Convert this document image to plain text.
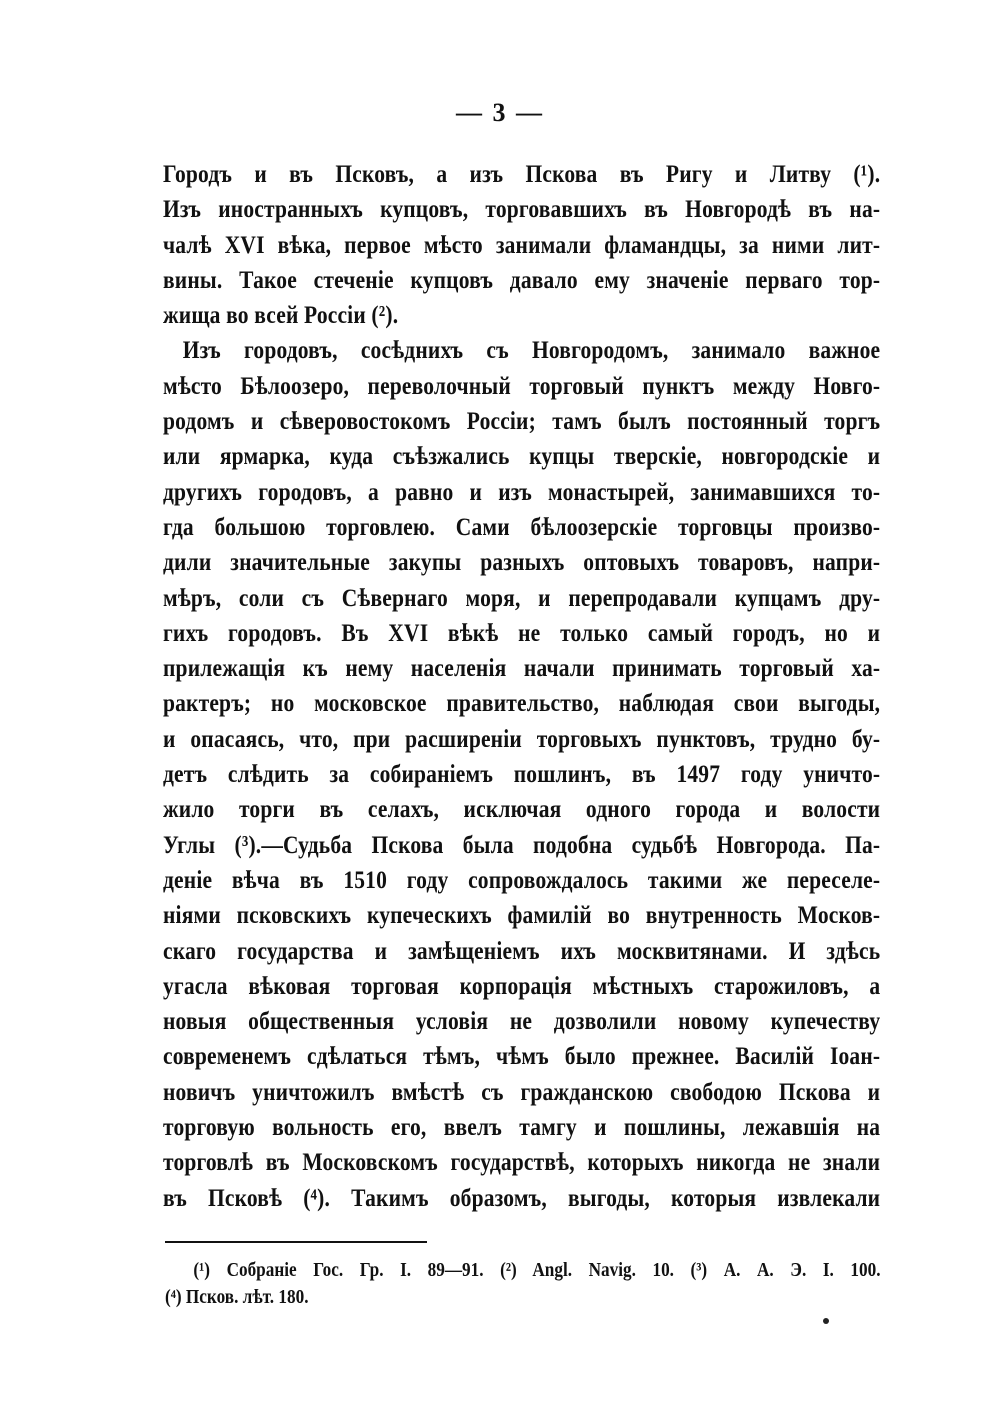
— 3 —
Городъ и въ Псковъ, а изъ Пскова въ Ригу и Литву (¹).
Изъ иностранныхъ купцовъ, торговавшихъ въ Новгородѣ въ на-
чалѣ XVI вѣка, первое мѣсто занимали фламандцы, за ними лит-
вины. Такое стеченіе купцовъ давало ему значеніе перваго тор-
жища во всей Россіи (²).
Изъ городовъ, сосѣднихъ съ Новгородомъ, занимало важное
мѣсто Бѣлоозеро, переволочный торговый пунктъ между Новго-
родомъ и сѣверовостокомъ Россіи; тамъ былъ постоянный торгъ
или ярмарка, куда съѣзжались купцы тверскіе, новгородскіе и
другихъ городовъ, а равно и изъ монастырей, занимавшихся то-
гда большою торговлею. Сами бѣлоозерскіе торговцы произво-
дили значительные закупы разныхъ оптовыхъ товаровъ, напри-
мѣръ, соли съ Сѣвернаго моря, и перепродавали купцамъ дру-
гихъ городовъ. Въ XVI вѣкѣ не только самый городъ, но и
прилежащія къ нему населенія начали принимать торговый ха-
рактеръ; но московское правительство, наблюдая свои выгоды,
и опасаясь, что, при расширеніи торговыхъ пунктовъ, трудно бу-
детъ слѣдить за собираніемъ пошлинъ, въ 1497 году уничто-
жило торги въ селахъ, исключая одного города и волости
Углы (³).—Судьба Пскова была подобна судьбѣ Новгорода. Па-
деніе вѣча въ 1510 году сопровождалось такими же переселе-
ніями псковскихъ купеческихъ фамилій во внутренность Москов-
скаго государства и замѣщеніемъ ихъ москвитянами. И здѣсь
угасла вѣковая торговая корпорація мѣстныхъ старожиловъ, а
новыя общественныя условія не дозволили новому купечеству
современемъ сдѣлаться тѣмъ, чѣмъ было прежнее. Василій Іоан-
новичъ уничтожилъ вмѣстѣ съ гражданскою свободою Пскова и
торговую вольность его, ввелъ тамгу и пошлины, лежавшія на
торговлѣ въ Московскомъ государствѣ, которыхъ никогда не знали
въ Псковѣ (⁴). Такимъ образомъ, выгоды, которыя извлекали
(¹) Собраніе Гос. Гр. I. 89—91. (²) Angl. Navig. 10. (³) А. А. Э. I. 100.
(⁴) Псков. лѣт. 180.
